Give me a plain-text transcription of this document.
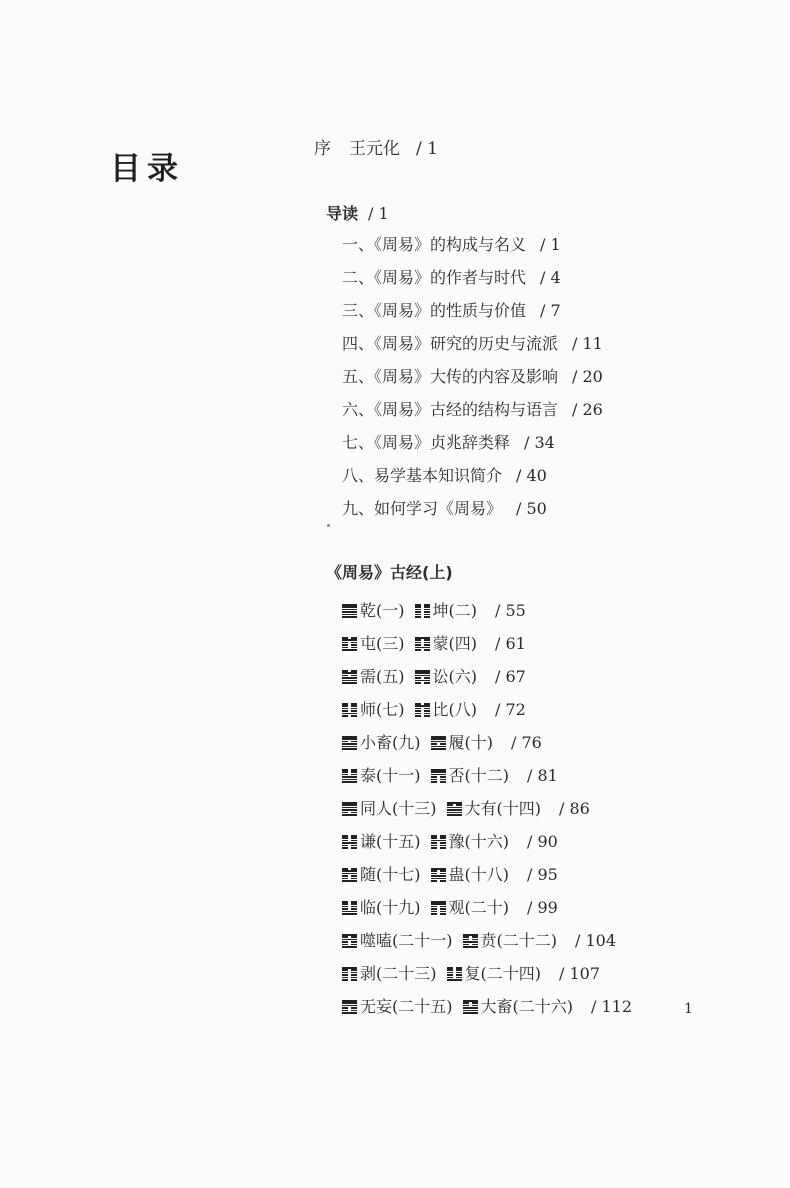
目录
序 王元化 / 1
导读 / 1
一、《周易》的构成与名义 / 1
二、《周易》的作者与时代 / 4
三、《周易》的性质与价值 / 7
四、《周易》研究的历史与流派 / 11
五、《周易》大传的内容及影响 / 20
六、《周易》古经的结构与语言 / 26
七、《周易》贞兆辞类释 / 34
八、易学基本知识简介 / 40
九、如何学习《周易》 / 50
《周易》古经(上)
乾(一) 坤(二) / 55
屯(三) 蒙(四) / 61
需(五) 讼(六) / 67
师(七) 比(八) / 72
小畜(九) 履(十) / 76
泰(十一) 否(十二) / 81
同人(十三) 大有(十四) / 86
谦(十五) 豫(十六) / 90
随(十七) 蛊(十八) / 95
临(十九) 观(二十) / 99
噬嗑(二十一) 贲(二十二) / 104
剥(二十三) 复(二十四) / 107
无妄(二十五) 大畜(二十六) / 112	1
